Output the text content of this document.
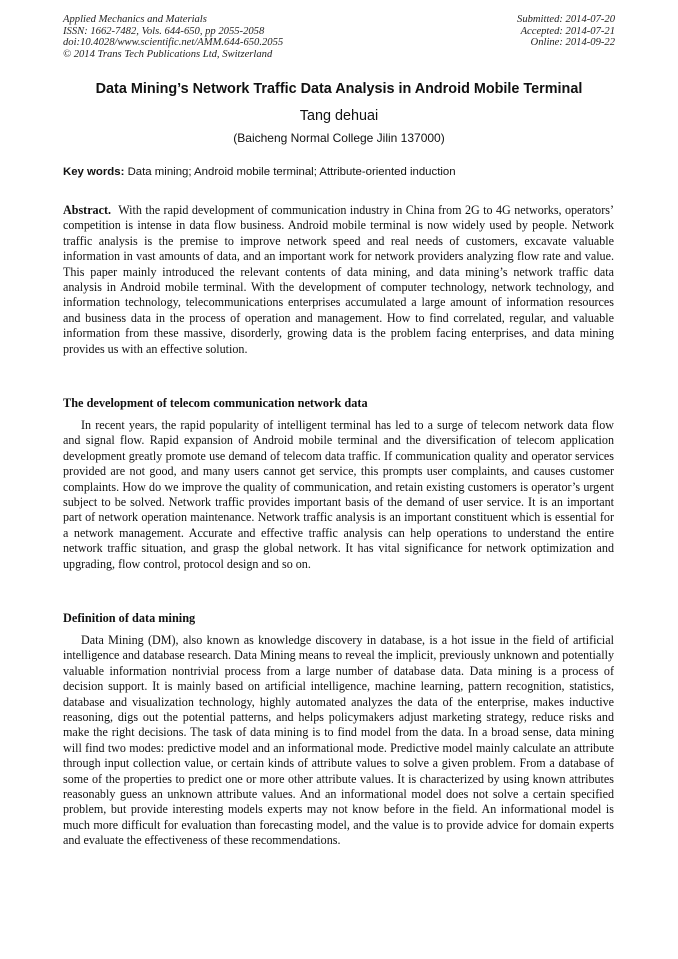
Applied Mechanics and Materials
ISSN: 1662-7482, Vols. 644-650, pp 2055-2058
doi:10.4028/www.scientific.net/AMM.644-650.2055
© 2014 Trans Tech Publications Ltd, Switzerland
Submitted: 2014-07-20
Accepted: 2014-07-21
Online: 2014-09-22
Data Mining’s Network Traffic Data Analysis in Android Mobile Terminal
Tang dehuai
(Baicheng Normal College Jilin 137000)
Key words: Data mining; Android mobile terminal; Attribute-oriented induction
Abstract. With the rapid development of communication industry in China from 2G to 4G networks, operators’ competition is intense in data flow business. Android mobile terminal is now widely used by people. Network traffic analysis is the premise to improve network speed and real needs of customers, excavate valuable information in vast amounts of data, and an important work for network providers analyzing flow rate and value. This paper mainly introduced the relevant contents of data mining, and data mining’s network traffic data analysis in Android mobile terminal. With the development of computer technology, network technology, and information technology, telecommunications enterprises accumulated a large amount of information resources and business data in the process of operation and management. How to find correlated, regular, and valuable information from these massive, disorderly, growing data is the problem facing enterprises, and data mining provides us with an effective solution.
The development of telecom communication network data
In recent years, the rapid popularity of intelligent terminal has led to a surge of telecom network data flow and signal flow. Rapid expansion of Android mobile terminal and the diversification of telecom application development greatly promote use demand of telecom data traffic. If communication quality and operator services provided are not good, and many users cannot get service, this prompts user complaints, and causes customer complaints. How do we improve the quality of communication, and retain existing customers is operator’s urgent subject to be solved. Network traffic provides important basis of the demand of user service. It is an important part of network operation maintenance. Network traffic analysis is an important constituent which is essential for a network management. Accurate and effective traffic analysis can help operations to understand the entire network traffic situation, and grasp the global network. It has vital significance for network optimization and upgrading, flow control, protocol design and so on.
Definition of data mining
Data Mining (DM), also known as knowledge discovery in database, is a hot issue in the field of artificial intelligence and database research. Data Mining means to reveal the implicit, previously unknown and potentially valuable information nontrivial process from a large number of database data. Data mining is a process of decision support. It is mainly based on artificial intelligence, machine learning, pattern recognition, statistics, database and visualization technology, highly automated analyzes the data of the enterprise, makes inductive reasoning, digs out the potential patterns, and helps policymakers adjust marketing strategy, reduce risks and make the right decisions. The task of data mining is to find model from the data. In a broad sense, data mining will find two modes: predictive model and an informational mode. Predictive model mainly calculate an attribute through input collection value, or certain kinds of attribute values to solve a given problem. From a database of some of the properties to predict one or more other attribute values. It is characterized by using known attributes reasonably guess an unknown attribute values. And an informational model does not solve a certain specified problem, but provide interesting models experts may not know before in the field. An informational model is much more difficult for evaluation than forecasting model, and the value is to provide advice for domain experts and evaluate the effectiveness of these recommendations.
